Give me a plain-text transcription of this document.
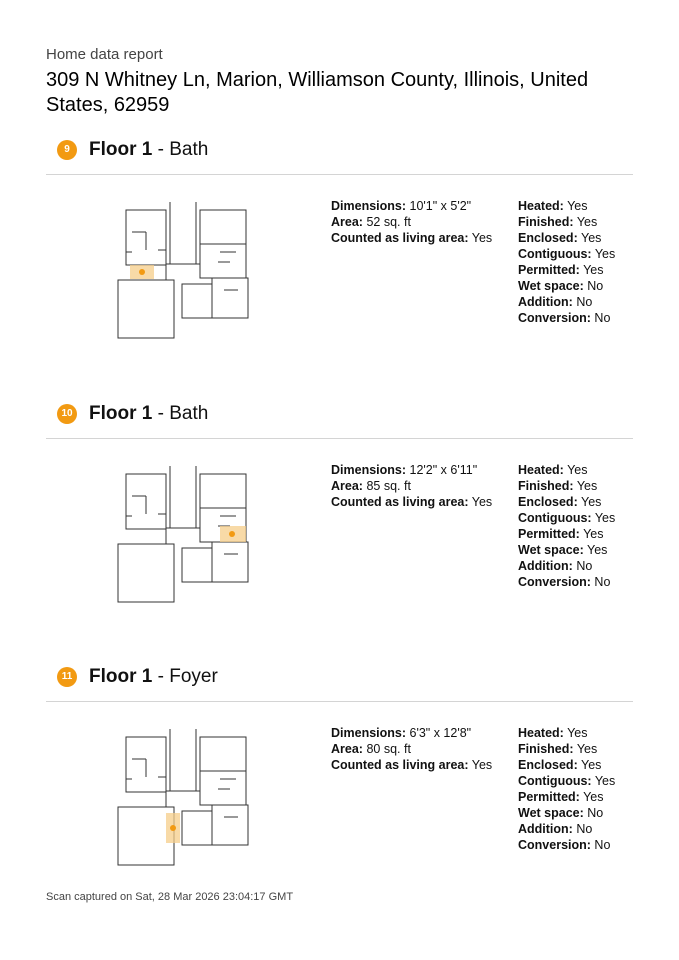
Home data report
309 N Whitney Ln, Marion, Williamson County, Illinois, United States, 62959
9	Floor 1 - Bath
Dimensions: 10'1" x 5'2"
Area: 52 sq. ft
Counted as living area: Yes
Heated: Yes
Finished: Yes
Enclosed: Yes
Contiguous: Yes
Permitted: Yes
Wet space: No
Addition: No
Conversion: No
10 Floor 1 - Bath
Dimensions: 12'2" x 6'11"
Area: 85 sq. ft
Counted as living area: Yes
Heated: Yes
Finished: Yes
Enclosed: Yes
Contiguous: Yes
Permitted: Yes
Wet space: Yes
Addition: No
Conversion: No
11 Floor 1 - Foyer
Dimensions: 6'3" x 12'8"
Area: 80 sq. ft
Counted as living area: Yes
Heated: Yes
Finished: Yes
Enclosed: Yes
Contiguous: Yes
Permitted: Yes
Wet space: No
Addition: No
Conversion: No
Scan captured on Sat, 28 Mar 2026 23:04:17 GMT
